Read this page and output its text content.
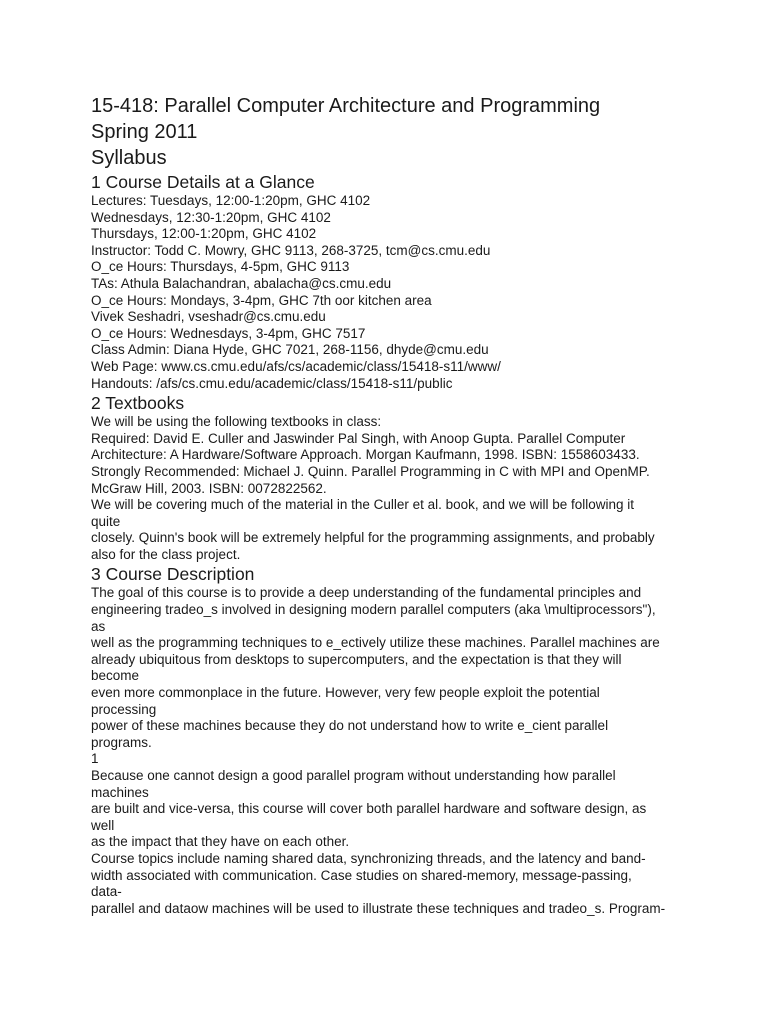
15-418: Parallel Computer Architecture and Programming
Spring 2011
Syllabus
1 Course Details at a Glance

Lectures: Tuesdays, 12:00-1:20pm, GHC 4102

Wednesdays, 12:30-1:20pm, GHC 4102

Thursdays, 12:00-1:20pm, GHC 4102

Instructor: Todd C. Mowry, GHC 9113, 268-3725, tcm@cs.cmu.edu

O_ce Hours: Thursdays, 4-5pm, GHC 9113

TAs: Athula Balachandran, abalacha@cs.cmu.edu

O_ce Hours: Mondays, 3-4pm, GHC 7th oor kitchen area

Vivek Seshadri, vseshadr@cs.cmu.edu

O_ce Hours: Wednesdays, 3-4pm, GHC 7517

Class Admin: Diana Hyde, GHC 7021, 268-1156, dhyde@cmu.edu

Web Page: www.cs.cmu.edu/afs/cs/academic/class/15418-s11/www/

Handouts: /afs/cs.cmu.edu/academic/class/15418-s11/public

2 Textbooks

We will be using the following textbooks in class:

Required: David E. Culler and Jaswinder Pal Singh, with Anoop Gupta. Parallel Computer

Architecture: A Hardware/Software Approach. Morgan Kaufmann, 1998. ISBN: 1558603433.

Strongly Recommended: Michael J. Quinn. Parallel Programming in C with MPI and OpenMP.

McGraw Hill, 2003. ISBN: 0072822562.

We will be covering much of the material in the Culler et al. book, and we will be following it

quite

closely. Quinn's book will be extremely helpful for the programming assignments, and probably

also for the class project.

3 Course Description

The goal of this course is to provide a deep understanding of the fundamental principles and

engineering tradeo_s involved in designing modern parallel computers (aka \multiprocessors"),

as

well as the programming techniques to e_ectively utilize these machines. Parallel machines are

already ubiquitous from desktops to supercomputers, and the expectation is that they will

become

even more commonplace in the future. However, very few people exploit the potential

processing

power of these machines because they do not understand how to write e_cient parallel

programs.

1

Because one cannot design a good parallel program without understanding how parallel

machines

are built and vice-versa, this course will cover both parallel hardware and software design, as

well

as the impact that they have on each other.

Course topics include naming shared data, synchronizing threads, and the latency and band-

width associated with communication. Case studies on shared-memory, message-passing,

data-

parallel and dataow machines will be used to illustrate these techniques and tradeo_s. Program-
